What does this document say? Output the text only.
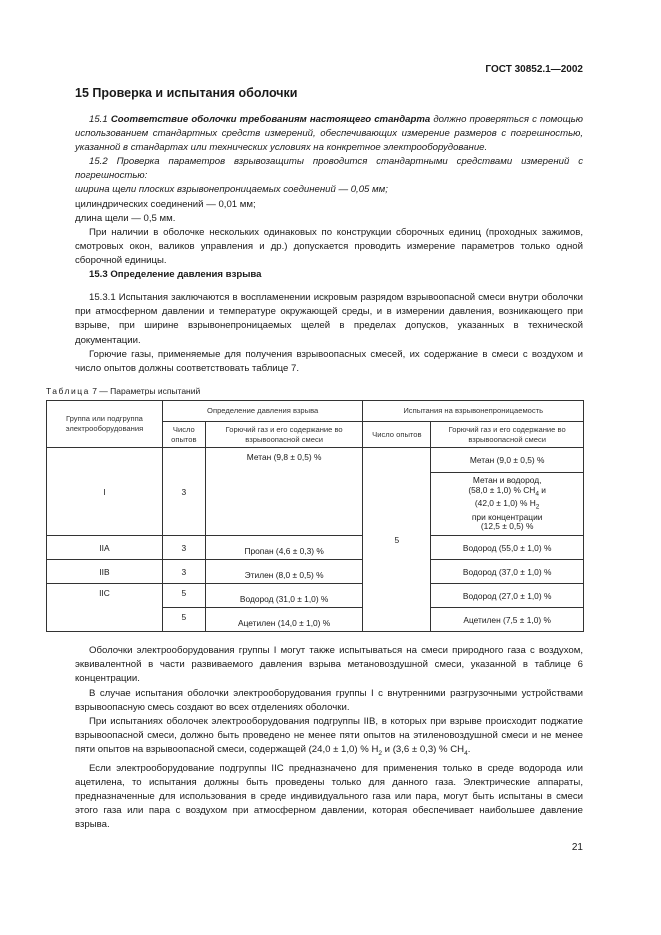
ГОСТ 30852.1—2002
15 Проверка и испытания оболочки

15.1 Соответствие оболочки требованиям настоящего стандарта должно проверяться с помощью использованием стандартных средств измерений, обеспечивающих измерение размеров с погрешностью, указанной в стандартах или технических условиях на конкретное электрооборудование.

15.2 Проверка параметров взрывозащиты проводится стандартными средствами измерений с погрешностью:

ширина щели плоских взрывонепроницаемых соединений — 0,05 мм;

цилиндрических соединений — 0,01 мм;

длина щели — 0,5 мм.

При наличии в оболочке нескольких одинаковых по конструкции сборочных единиц (проходных зажимов, смотровых окон, валиков управления и др.) допускается проводить измерение параметров только одной сборочной единицы.

15.3 Определение давления взрыва

15.3.1 Испытания заключаются в воспламенении искровым разрядом взрывоопасной смеси внутри оболочки при атмосферном давлении и температуре окружающей среды, и в измерении давления, возникающего при взрыве, при ширине взрывонепроницаемых щелей в пределах допусков, указанных в технической документации.

Горючие газы, применяемые для получения взрывоопасных смесей, их содержание в смеси с воздухом и число опытов должны соответствовать таблице 7.

Таблица 7 — Параметры испытаний
Группа или подгруппа электрооборудования	Определение давления взрыва		Испытания на взрывонепроницаемость	
	Число опытов	Горючий газ и его содержание во взрывоопасной смеси	Число опытов	Горючий газ и его содержание во взрывоопасной смеси
I	3	Метан (9,8 ± 0,5) %	5	Метан (9,0 ± 0,5) %

				Метан и водород,
(58,0 ± 1,0) % $CH_4$ и
(42,0 ± 1,0) % $H_2$
при концентрации
(12,5 ± 0,5) %

IIA	3	Пропан (4,6 ± 0,3) %		Водород (55,0 ± 1,0) %
IIB	3	Этилен (8,0 ± 0,5) %		Водород (37,0 ± 1,0) %
IIC	5	Водород (31,0 ± 1,0) %		Водород (27,0 ± 1,0) %
	5	Ацетилен (14,0 ± 1,0) %		Ацетилен (7,5 ± 1,0) %

Оболочки электрооборудования группы I могут также испытываться на смеси природного газа с воздухом, эквивалентной в части развиваемого давления взрыва метановоздушной смеси, указанной в таблице 6 концентрации.

В случае испытания оболочки электрооборудования группы I с внутренними разгрузочными устройствами взрывоопасную смесь создают во всех отделениях оболочки.

При испытаниях оболочек электрооборудования подгруппы IIB, в которых при взрыве происходит поджатие взрывоопасной смеси, должно быть проведено не менее пяти опытов на этиленовоздушной смеси и не менее пяти опытов на взрывоопасной смеси, содержащей (24,0 ± 1,0) % $H_2$ и (3,6 ± 0,3) % $CH_4$.

Если электрооборудование подгруппы IIC предназначено для применения только в среде водорода или ацетилена, то испытания должны быть проведены только для данного газа. Электрические аппараты, предназначенные для использования в среде индивидуального газа или пара, могут быть испытаны в смеси этого газа или пара с воздухом при атмосферном давлении, которая обеспечивает наибольшее давление взрыва.

21
